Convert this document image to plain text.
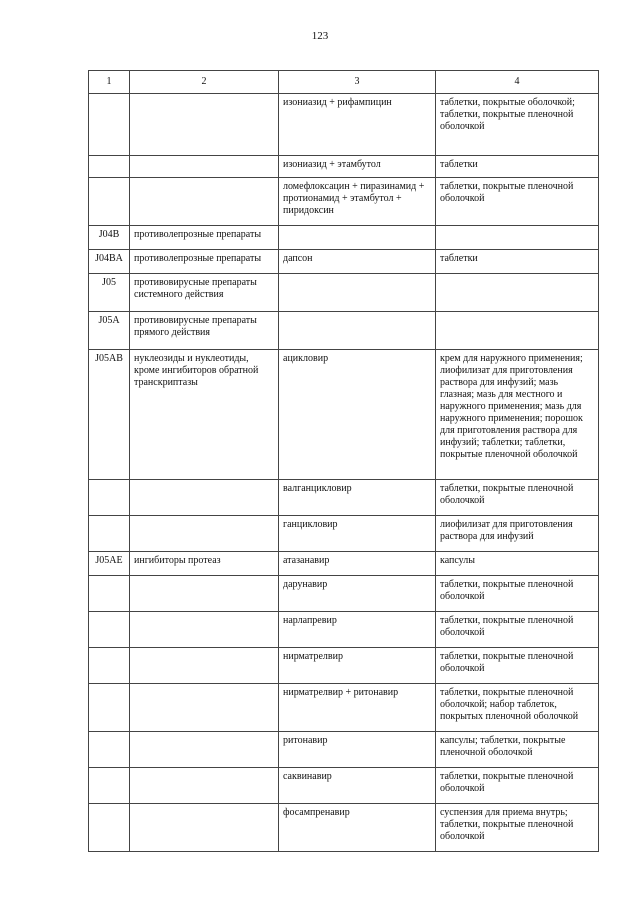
123
1	2	3	4
		изониазид + рифампицин	таблетки, покрытые оболочкой; таблетки, покрытые пленочной оболочкой
		изониазид + этамбутол	таблетки
		ломефлоксацин + пиразинамид + протионамид + этамбутол + пиридоксин	таблетки, покрытые пленочной оболочкой
J04B	противолепрозные препараты		
J04BA	противолепрозные препараты	дапсон	таблетки
J05	противовирусные препараты системного действия		
J05A	противовирусные препараты прямого действия		
J05AB	нуклеозиды и нуклеотиды, кроме ингибиторов обратной транскриптазы	ацикловир	крем для наружного применения; лиофилизат для приготовления раствора для инфузий; мазь глазная; мазь для местного и наружного применения; мазь для наружного применения; порошок для приготовления раствора для инфузий; таблетки; таблетки, покрытые пленочной оболочкой
		валганцикловир	таблетки, покрытые пленочной оболочкой
		ганцикловир	лиофилизат для приготовления раствора для инфузий
J05AE	ингибиторы протеаз	атазанавир	капсулы
		дарунавир	таблетки, покрытые пленочной оболочкой
		нарлапревир	таблетки, покрытые пленочной оболочкой
		нирматрелвир	таблетки, покрытые пленочной оболочкой
		нирматрелвир + ритонавир	таблетки, покрытые пленочной оболочкой; набор таблеток, покрытых пленочной оболочкой
		ритонавир	капсулы; таблетки, покрытые пленочной оболочкой
		саквинавир	таблетки, покрытые пленочной оболочкой
		фосампренавир	суспензия для приема внутрь; таблетки, покрытые пленочной оболочкой
